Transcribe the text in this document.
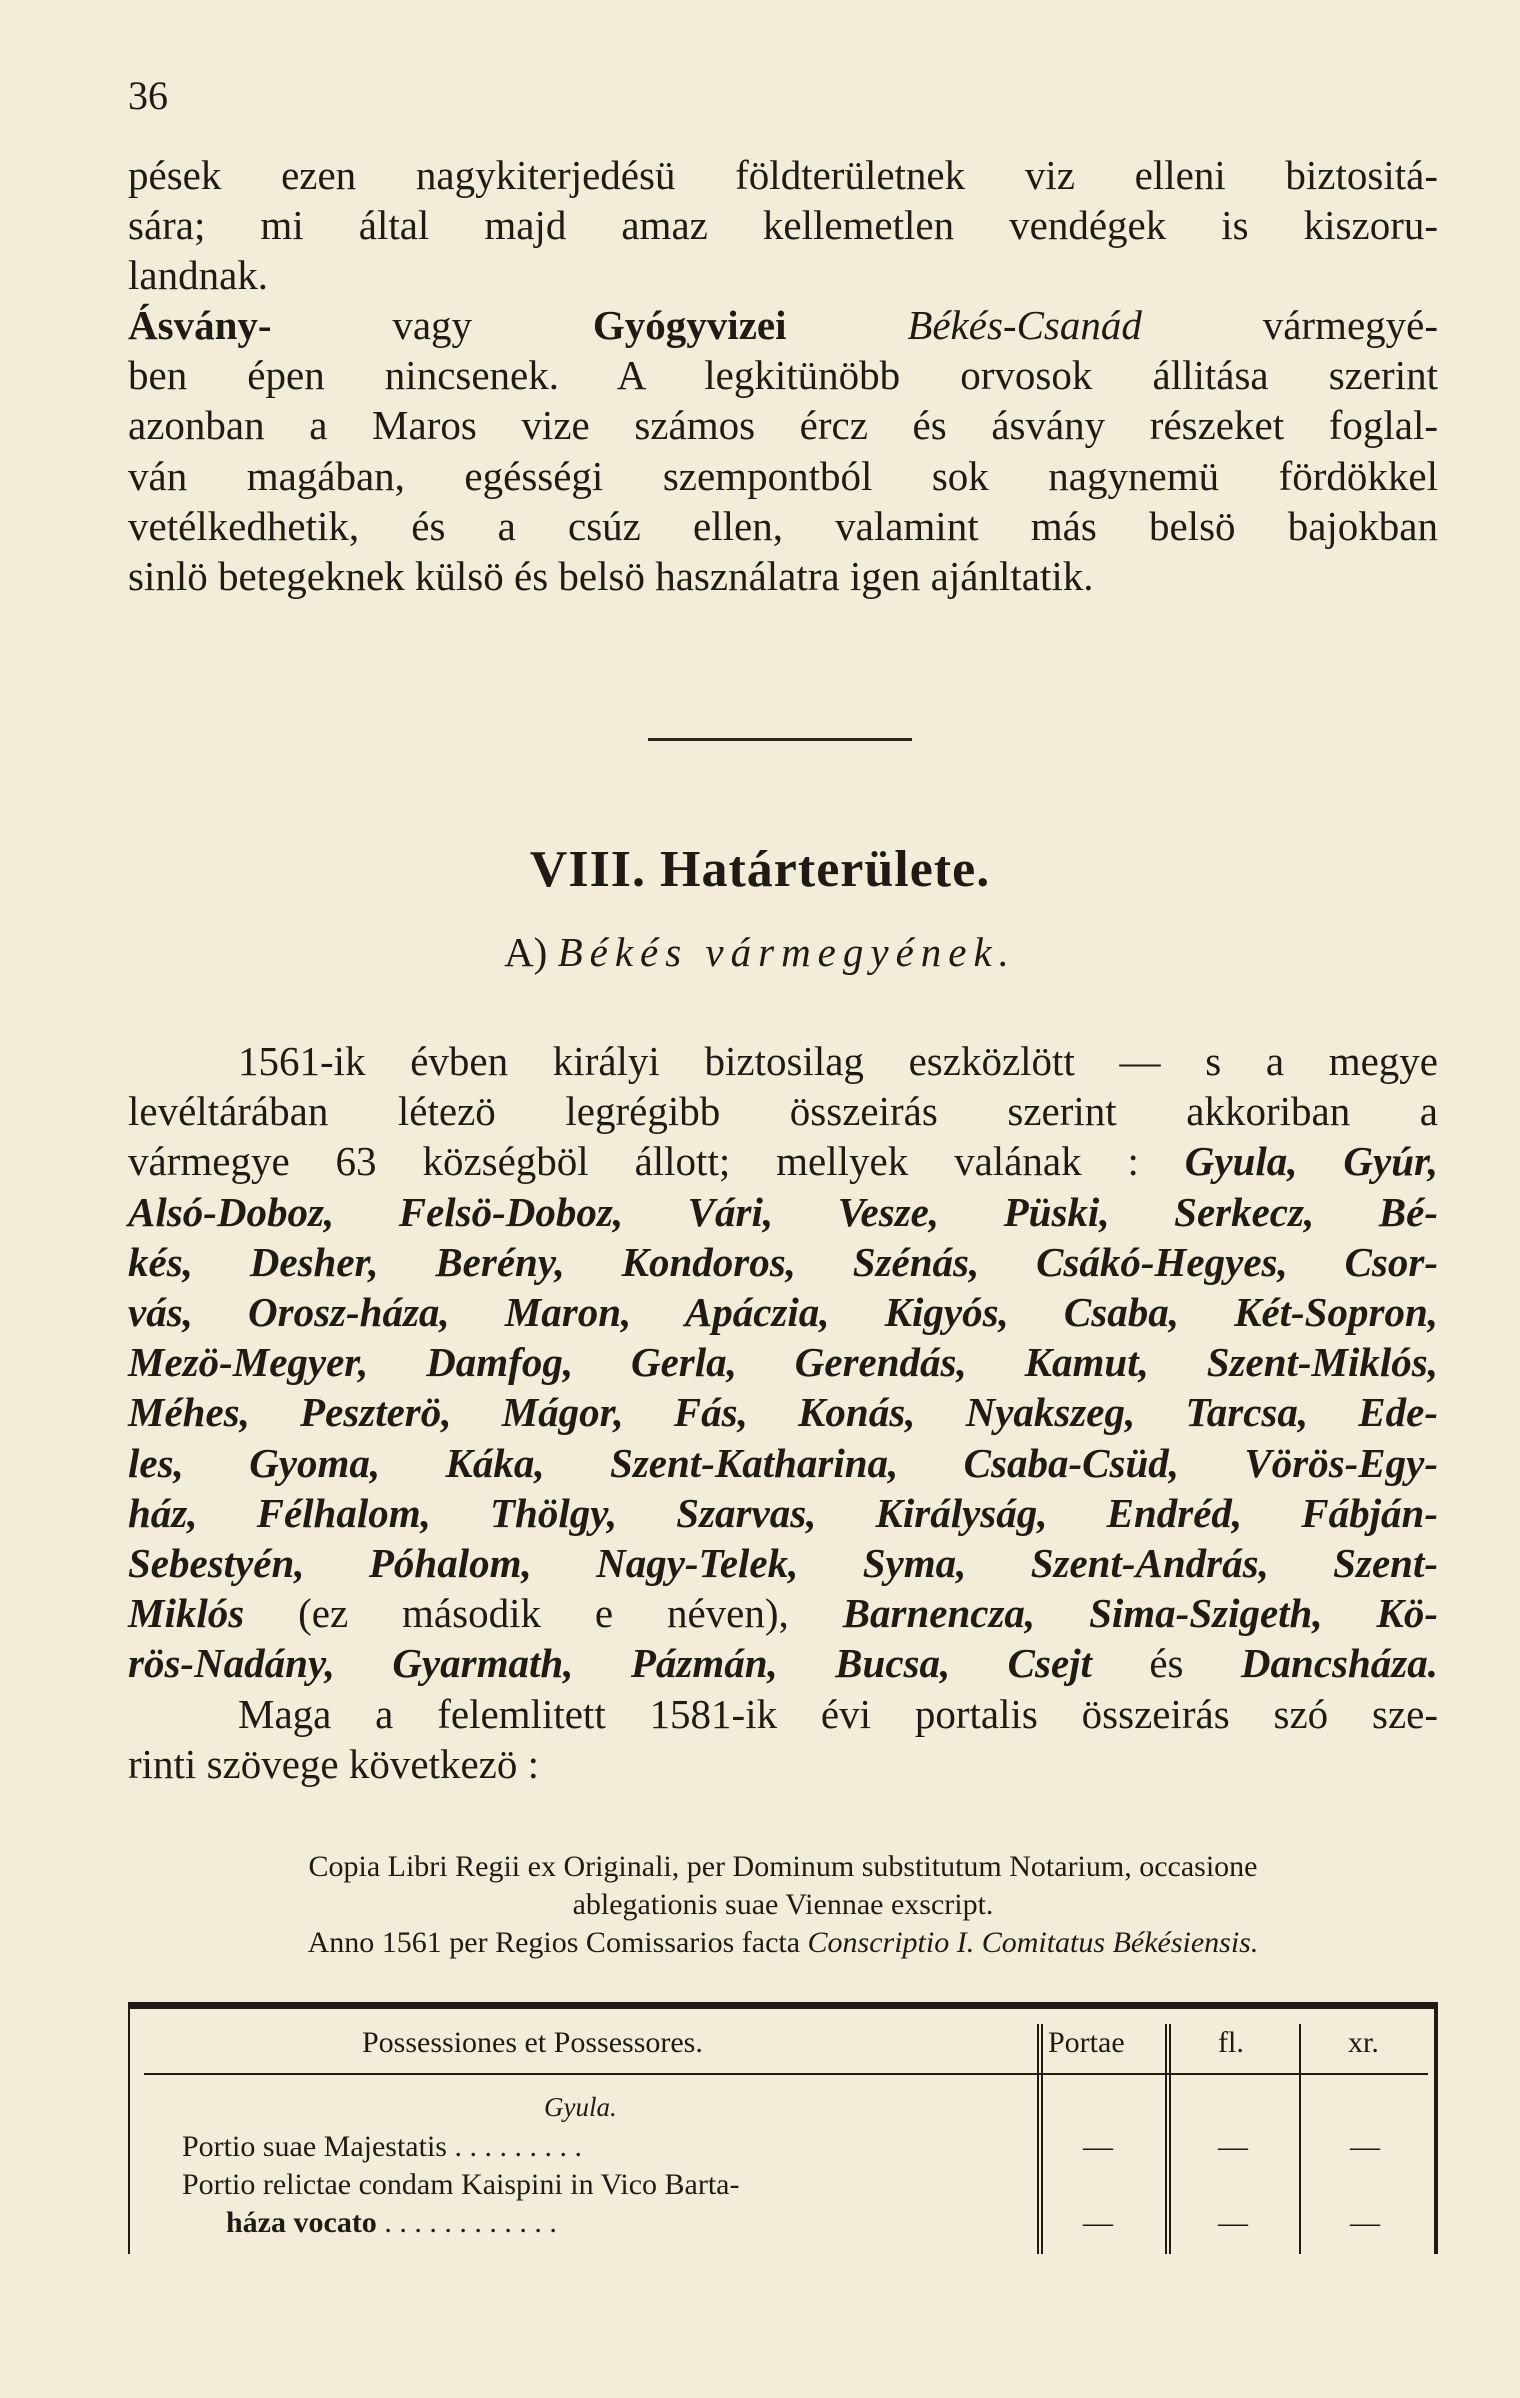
36
pések ezen nagykiterjedésü földterületnek viz elleni biztositá-
sára; mi által majd amaz kellemetlen vendégek is kiszoru-
landnak.
Ásvány- vagy Gyógyvizei Békés-Csanád vármegyé-
ben épen nincsenek. A legkitünöbb orvosok állitása szerint
azonban a Maros vize számos ércz és ásvány részeket foglal-
ván magában, egésségi szempontból sok nagynemü fördökkel
vetélkedhetik, és a csúz ellen, valamint más belsö bajokban
sinlö betegeknek külsö és belsö használatra igen ajánltatik.
VIII. Határterülete.
A) Békés vármegyének.
1561-ik évben királyi biztosilag eszközlött — s a megye
levéltárában létezö legrégibb összeirás szerint akkoriban a
vármegye 63 községböl állott; mellyek valának : Gyula, Gyúr,
Alsó-Doboz, Felsö-Doboz, Vári, Vesze, Püski, Serkecz, Bé-
kés, Desher, Berény, Kondoros, Szénás, Csákó-Hegyes, Csor-
vás, Orosz-háza, Maron, Apáczia, Kigyós, Csaba, Két-Sopron,
Mezö-Megyer, Damfog, Gerla, Gerendás, Kamut, Szent-Miklós,
Méhes, Peszterö, Mágor, Fás, Konás, Nyakszeg, Tarcsa, Ede-
les, Gyoma, Káka, Szent-Katharina, Csaba-Csüd, Vörös-Egy-
ház, Félhalom, Thölgy, Szarvas, Királyság, Endréd, Fábján-
Sebestyén, Póhalom, Nagy-Telek, Syma, Szent-András, Szent-
Miklós (ez második e néven), Barnencza, Sima-Szigeth, Kö-
rös-Nadány, Gyarmath, Pázmán, Bucsa, Csejt és Dancsháza.
Maga a felemlitett 1581-ik évi portalis összeirás szó sze-
rinti szövege következö :
Copia Libri Regii ex Originali, per Dominum substitutum Notarium, occasione
ablegationis suae Viennae exscript.
Anno 1561 per Regios Comissarios facta Conscriptio I. Comitatus Békésiensis.
Possessiones et Possessores.	Portae	fl.	xr.
Gyula.
Portio suae Majestatis . . . . . . . . .	—	—	—
Portio relictae condam Kaispini in Vico Barta-
háza vocato . . . . . . . . . . . .	—	—	—
